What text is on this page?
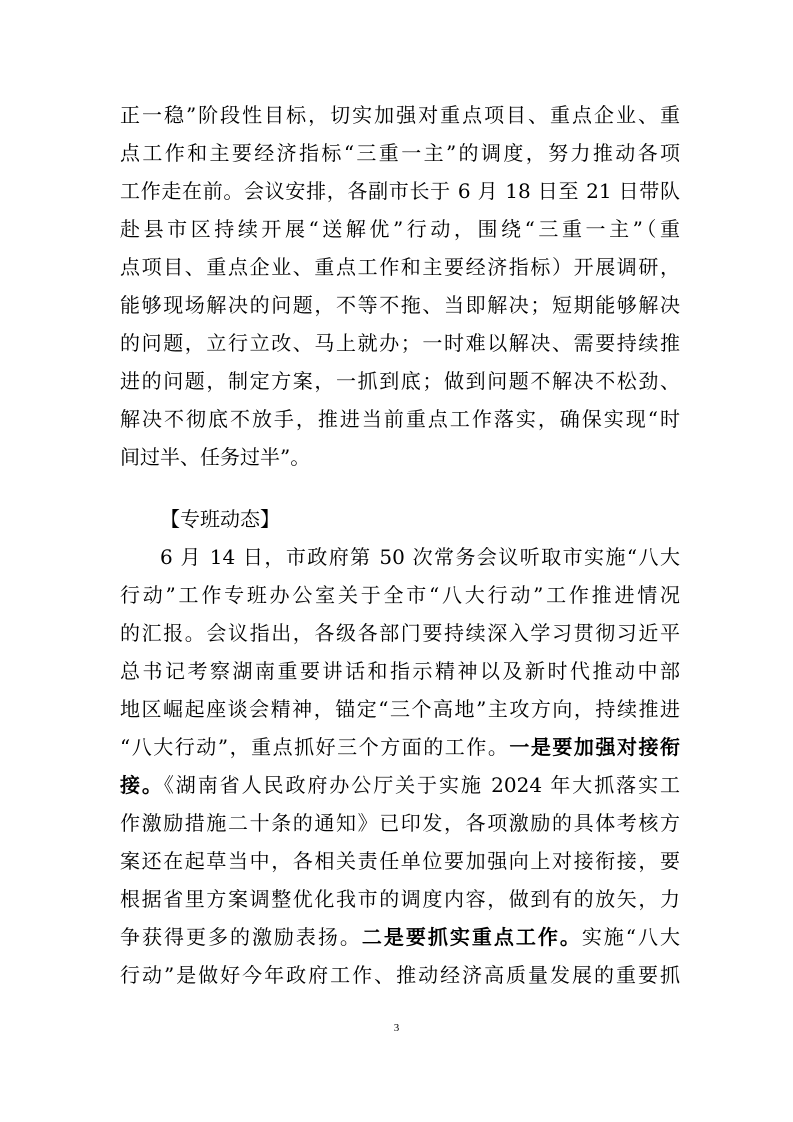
正一稳”阶段性目标，切实加强对重点项目、重点企业、重
点工作和主要经济指标“三重一主”的调度，努力推动各项
工作走在前。会议安排，各副市长于 6 月 18 日至 21 日带队
赴县市区持续开展“送解优”行动，围绕“三重一主”（重
点项目、重点企业、重点工作和主要经济指标）开展调研，
能够现场解决的问题，不等不拖、当即解决；短期能够解决
的问题，立行立改、马上就办；一时难以解决、需要持续推
进的问题，制定方案，一抓到底；做到问题不解决不松劲、
解决不彻底不放手，推进当前重点工作落实，确保实现“时
间过半、任务过半”。
【专班动态】
6 月 14 日，市政府第 50 次常务会议听取市实施“八大
行动”工作专班办公室关于全市“八大行动”工作推进情况
的汇报。会议指出，各级各部门要持续深入学习贯彻习近平
总书记考察湖南重要讲话和指示精神以及新时代推动中部
地区崛起座谈会精神，锚定“三个高地”主攻方向，持续推进
“八大行动”，重点抓好三个方面的工作。一是要加强对接衔
接。《湖南省人民政府办公厅关于实施 2024 年大抓落实工
作激励措施二十条的通知》已印发，各项激励的具体考核方
案还在起草当中，各相关责任单位要加强向上对接衔接，要
根据省里方案调整优化我市的调度内容，做到有的放矢，力
争获得更多的激励表扬。二是要抓实重点工作。实施“八大
行动”是做好今年政府工作、推动经济高质量发展的重要抓
3
